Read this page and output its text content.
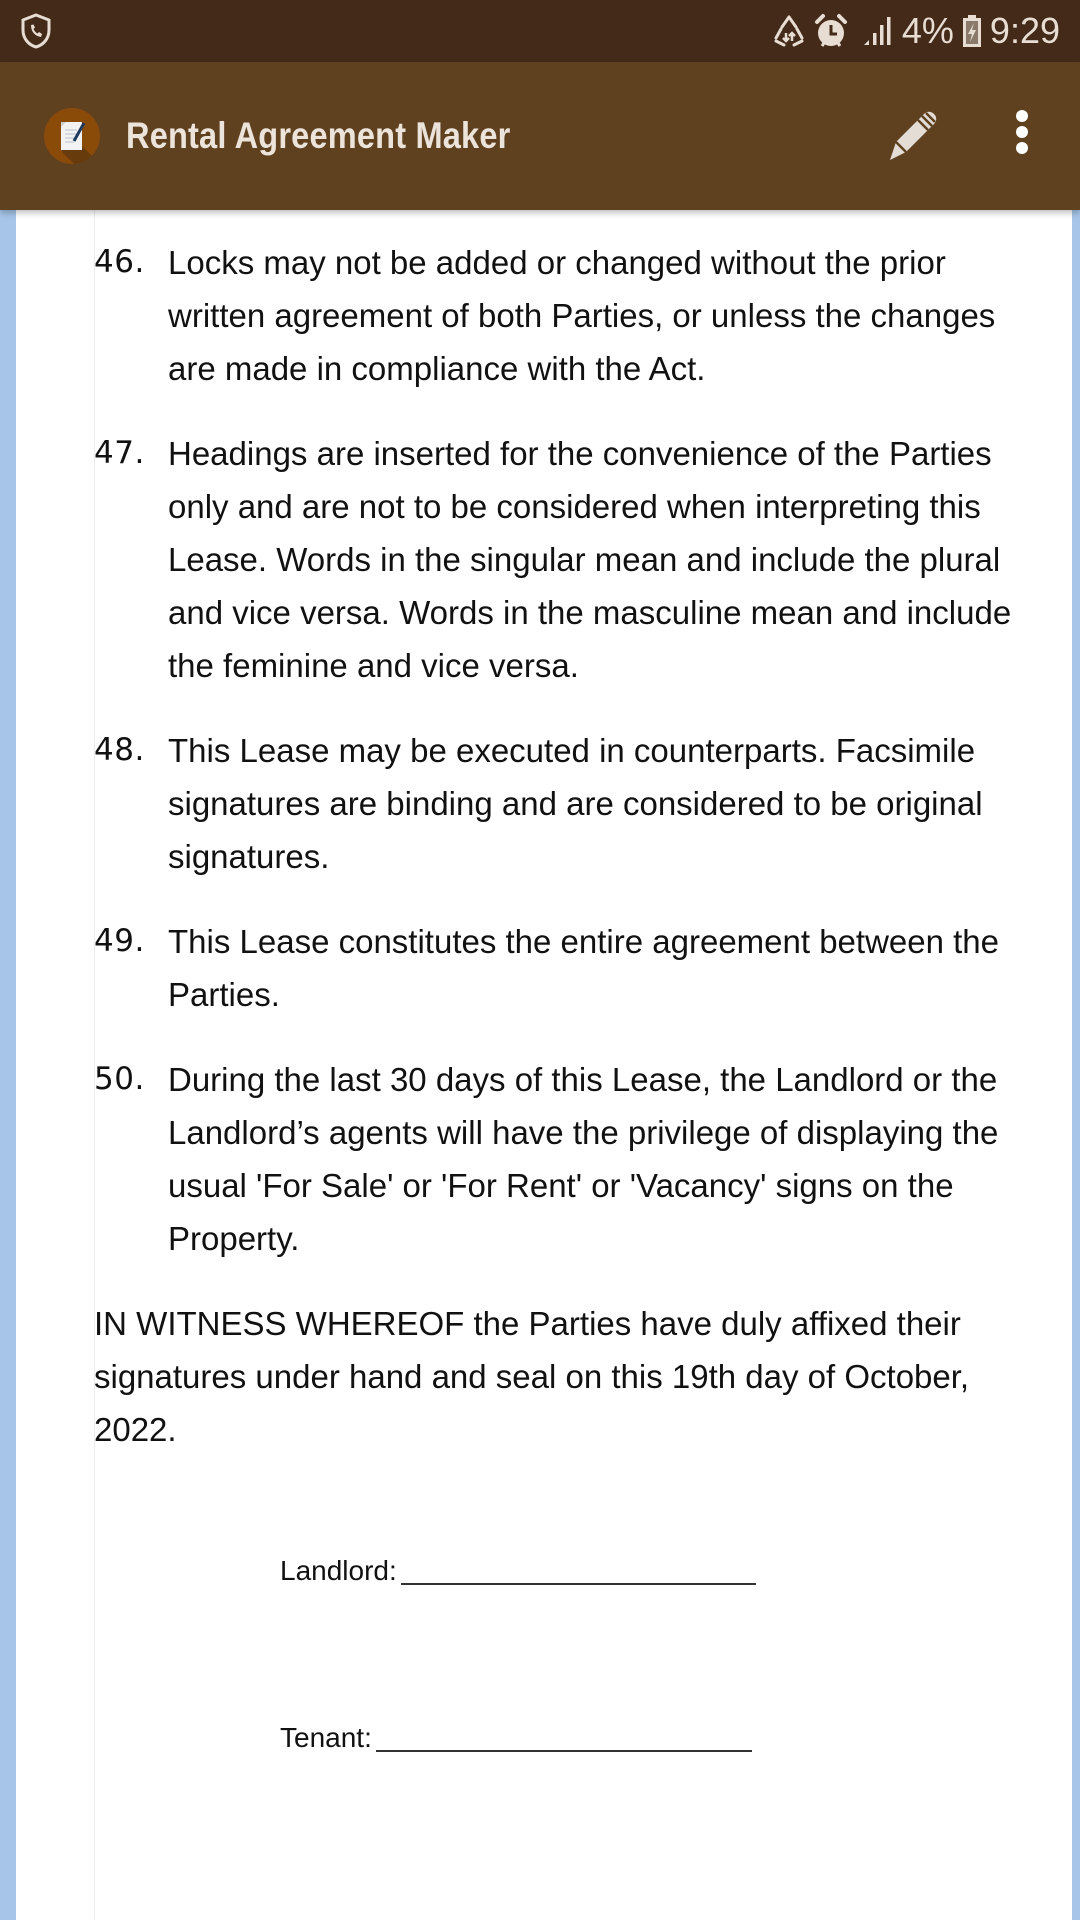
4% 9:29
Rental Agreement Maker
46. Locks may not be added or changed without the prior written agreement of both Parties, or unless the changes are made in compliance with the Act.
47. Headings are inserted for the convenience of the Parties only and are not to be considered when interpreting this Lease. Words in the singular mean and include the plural and vice versa. Words in the masculine mean and include the feminine and vice versa.
48. This Lease may be executed in counterparts. Facsimile signatures are binding and are considered to be original signatures.
49. This Lease constitutes the entire agreement between the Parties.
50. During the last 30 days of this Lease, the Landlord or the Landlord’s agents will have the privilege of displaying the usual 'For Sale' or 'For Rent' or 'Vacancy' signs on the Property.

IN WITNESS WHEREOF the Parties have duly affixed their signatures under hand and seal on this 19th day of October, 2022.

Landlord:
Tenant:
